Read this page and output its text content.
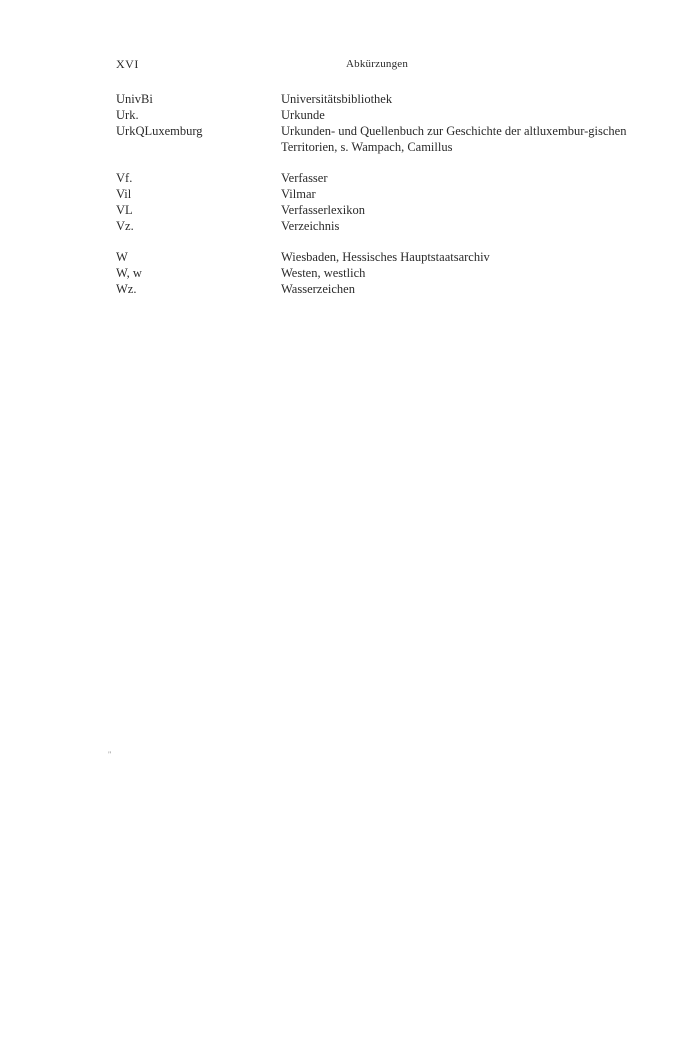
XVI	Abkürzungen
UnivBi	Universitätsbibliothek
Urk.	Urkunde
UrkQLuxemburg	Urkunden- und Quellenbuch zur Geschichte der altluxembur-gischen Territorien, s. Wampach, Camillus
Vf.	Verfasser
Vil	Vilmar
VL	Verfasserlexikon
Vz.	Verzeichnis
W	Wiesbaden, Hessisches Hauptstaatsarchiv
W, w	Westen, westlich
Wz.	Wasserzeichen
"
